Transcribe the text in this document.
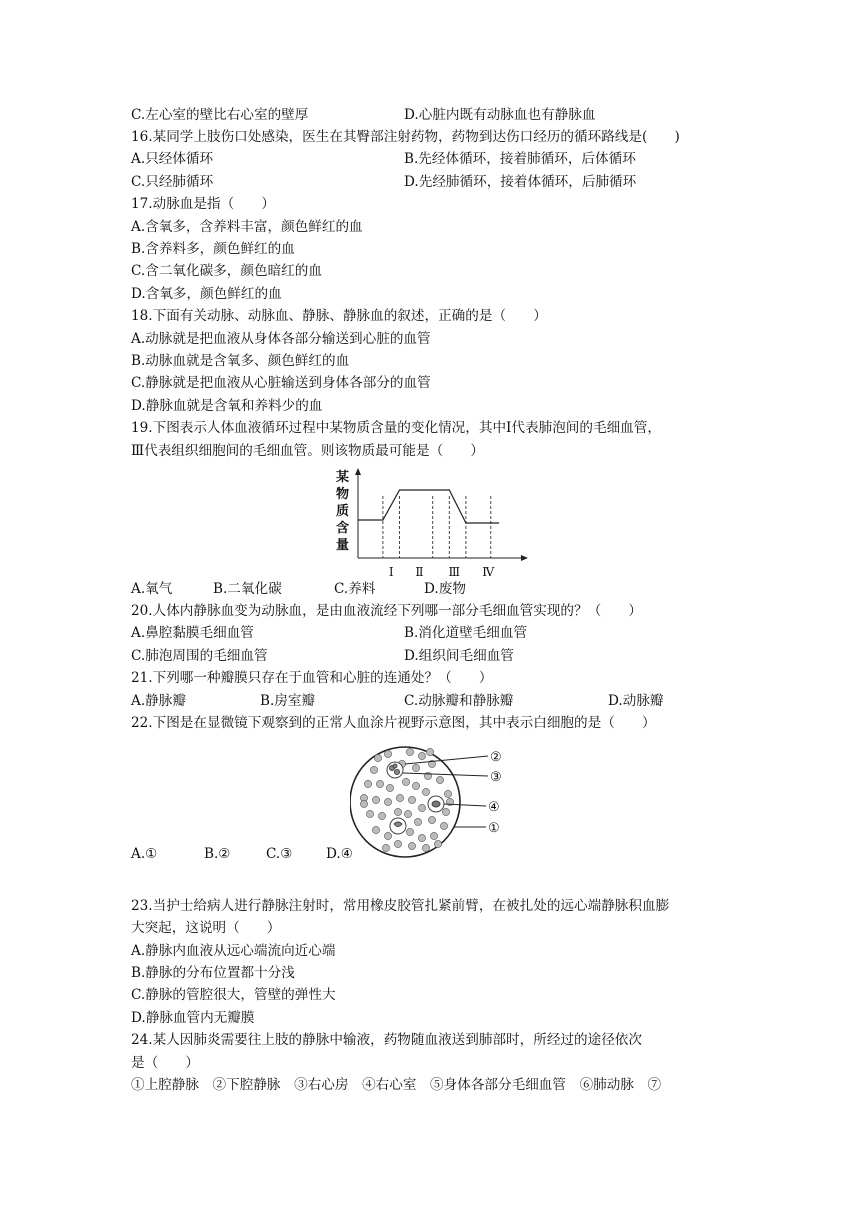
C.左心室的壁比右心室的壁厚	D.心脏内既有动脉血也有静脉血
16.某同学上肢伤口处感染，医生在其臀部注射药物，药物到达伤口经历的循环路线是(　　)
A.只经体循环	B.先经体循环，接着肺循环，后体循环
C.只经肺循环	D.先经肺循环，接着体循环，后肺循环
17.动脉血是指（　　）
A.含氧多，含养料丰富，颜色鲜红的血
B.含养料多，颜色鲜红的血
C.含二氧化碳多，颜色暗红的血
D.含氧多，颜色鲜红的血
18.下面有关动脉、动脉血、静脉、静脉血的叙述，正确的是（　　）
A.动脉就是把血液从身体各部分输送到心脏的血管
B.动脉血就是含氧多、颜色鲜红的血
C.静脉就是把血液从心脏输送到身体各部分的血管
D.静脉血就是含氧和养料少的血
19.下图表示人体血液循环过程中某物质含量的变化情况，其中Ⅰ代表肺泡间的毛细血管，
Ⅲ代表组织细胞间的毛细血管。则该物质最可能是（　　）
某
物
质
含
量
Ⅰ Ⅱ Ⅲ Ⅳ
A.氧气	B.二氧化碳	C.养料	D.废物
20.人体内静脉血变为动脉血，是由血液流经下列哪一部分毛细血管实现的？（　　）
A.鼻腔黏膜毛细血管	B.消化道壁毛细血管
C.肺泡周围的毛细血管	D.组织间毛细血管
21.下列哪一种瓣膜只存在于血管和心脏的连通处？（　　）
A.静脉瓣	B.房室瓣	C.动脉瓣和静脉瓣	D.动脉瓣
22.下图是在显微镜下观察到的正常人血涂片视野示意图，其中表示白细胞的是（　　）
②
③
④
①
A.①	B.②	C.③ D.④
23.当护士给病人进行静脉注射时，常用橡皮胶管扎紧前臂，在被扎处的远心端静脉积血膨
大突起，这说明（　　）
A.静脉内血液从远心端流向近心端
B.静脉的分布位置都十分浅
C.静脉的管腔很大，管壁的弹性大
D.静脉血管内无瓣膜
24.某人因肺炎需要往上肢的静脉中输液，药物随血液送到肺部时，所经过的途径依次
是（　　）
①上腔静脉　②下腔静脉　③右心房　④右心室　⑤身体各部分毛细血管　⑥肺动脉　⑦
